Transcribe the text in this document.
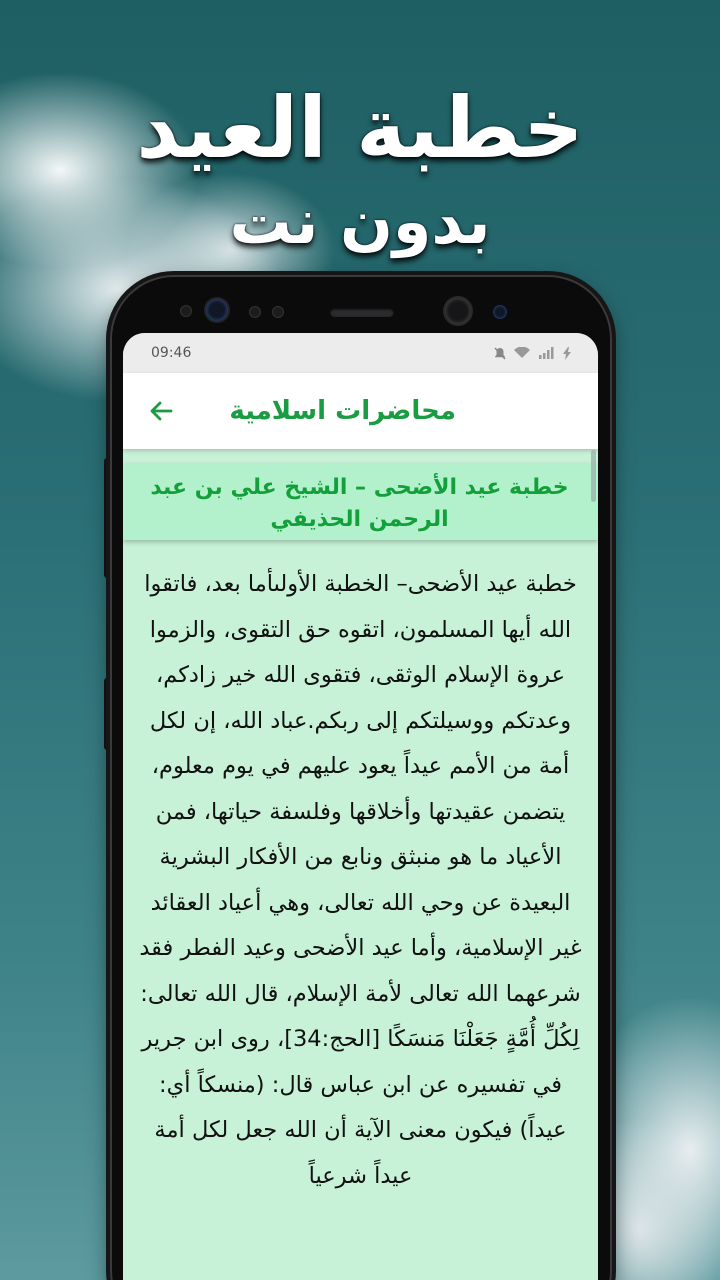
خطبة العيد
بدون نت
09:46
محاضرات اسلامية
خطبة عيد الأضحى – الشيخ علي بن عبد الرحمن الحذيفي
خطبة عيد الأضحى– الخطبة الأولىأما بعد، فاتقوا الله أيها المسلمون، اتقوه حق التقوى، والزموا عروة الإسلام الوثقى، فتقوى الله خير زادكم، وعدتكم ووسيلتكم إلى ربكم.عباد الله، إن لكل أمة من الأمم عيداً يعود عليهم في يوم معلوم، يتضمن عقيدتها وأخلاقها وفلسفة حياتها، فمن الأعياد ما هو منبثق ونابع من الأفكار البشرية البعيدة عن وحي الله تعالى، وهي أعياد العقائد غير الإسلامية، وأما عيد الأضحى وعيد الفطر فقد شرعهما الله تعالى لأمة الإسلام، قال الله تعالى: لِكُلِّ أُمَّةٍ جَعَلْنَا مَنسَكًا [الحج:34]، روى ابن جرير في تفسيره عن ابن عباس قال: (منسكاً أي: عيداً) فيكون معنى الآية أن الله جعل لكل أمة عيداً شرعياً
